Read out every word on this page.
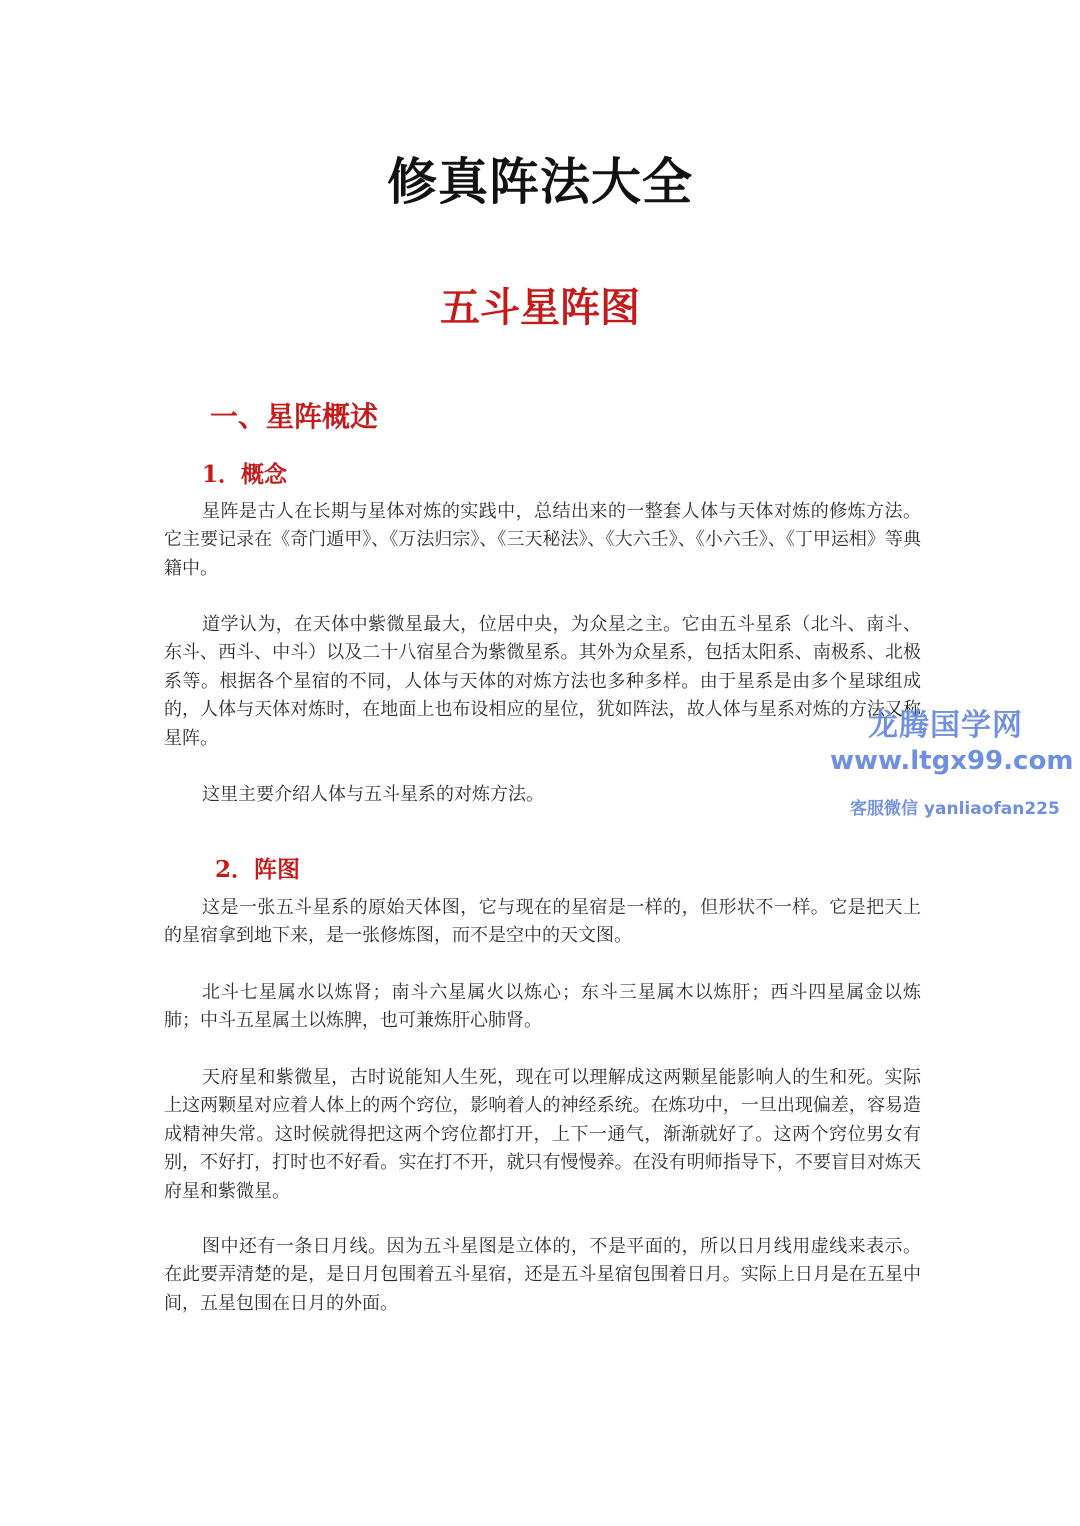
修真阵法大全
五斗星阵图
一、星阵概述
1．概念

星阵是古人在长期与星体对炼的实践中，总结出来的一整套人体与天体对炼的修炼方法。它主要记录在《奇门遁甲》、《万法归宗》、《三天秘法》、《大六壬》、《小六壬》、《丁甲运相》等典籍中。

道学认为，在天体中紫微星最大，位居中央，为众星之主。它由五斗星系（北斗、南斗、东斗、西斗、中斗）以及二十八宿星合为紫微星系。其外为众星系，包括太阳系、南极系、北极系等。根据各个星宿的不同，人体与天体的对炼方法也多种多样。由于星系是由多个星球组成的，人体与天体对炼时，在地面上也布设相应的星位，犹如阵法，故人体与星系对炼的方法又称星阵。

这里主要介绍人体与五斗星系的对炼方法。

2．阵图

这是一张五斗星系的原始天体图，它与现在的星宿是一样的，但形状不一样。它是把天上的星宿拿到地下来，是一张修炼图，而不是空中的天文图。

北斗七星属水以炼肾；南斗六星属火以炼心；东斗三星属木以炼肝；西斗四星属金以炼肺；中斗五星属土以炼脾，也可兼炼肝心肺肾。

天府星和紫微星，古时说能知人生死，现在可以理解成这两颗星能影响人的生和死。实际上这两颗星对应着人体上的两个窍位，影响着人的神经系统。在炼功中，一旦出现偏差，容易造成精神失常。这时候就得把这两个窍位都打开，上下一通气，渐渐就好了。这两个窍位男女有别，不好打，打时也不好看。实在打不开，就只有慢慢养。在没有明师指导下，不要盲目对炼天府星和紫微星。

图中还有一条日月线。因为五斗星图是立体的，不是平面的，所以日月线用虚线来表示。在此要弄清楚的是，是日月包围着五斗星宿，还是五斗星宿包围着日月。实际上日月是在五星中间，五星包围在日月的外面。

龙腾国学网
www.ltgx99.com
客服微信 yanliaofan225
